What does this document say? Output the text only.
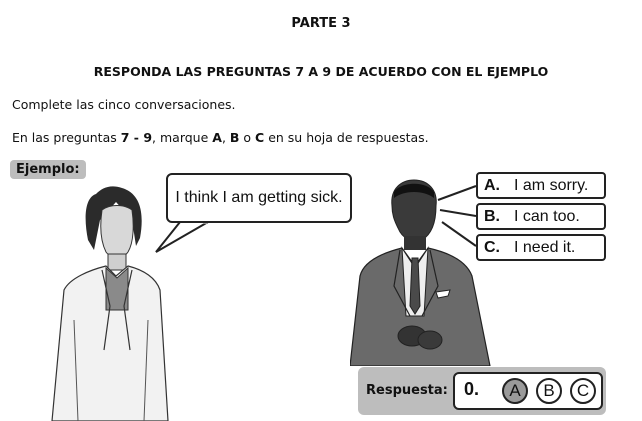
PARTE 3
RESPONDA LAS PREGUNTAS 7 A 9 DE ACUERDO CON EL EJEMPLO
Complete las cinco conversaciones.
En las preguntas 7 - 9, marque A, B o C en su hoja de respuestas.
Ejemplo:
I think I am getting sick.
A. I am sorry.
B. I can too.
C. I need it.
Respuesta: 0.	A	B	C
